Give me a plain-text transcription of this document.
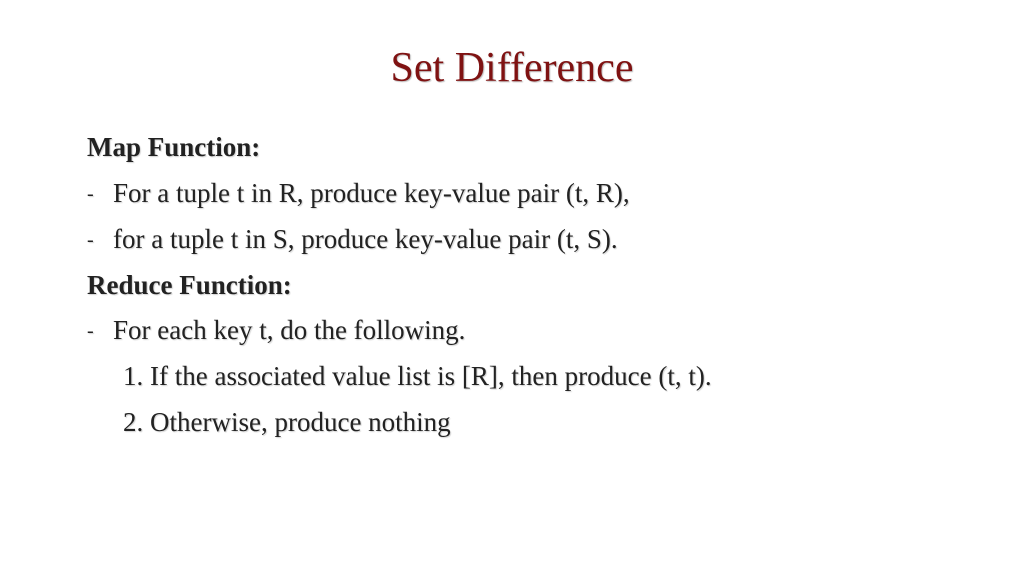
Set Difference
Map Function:
- For a tuple t in R, produce key-value pair (t, R),
- for a tuple t in S, produce key-value pair (t, S).
Reduce Function:
- For each key t, do the following.
1. If the associated value list is [R], then produce (t, t).
2. Otherwise, produce nothing
